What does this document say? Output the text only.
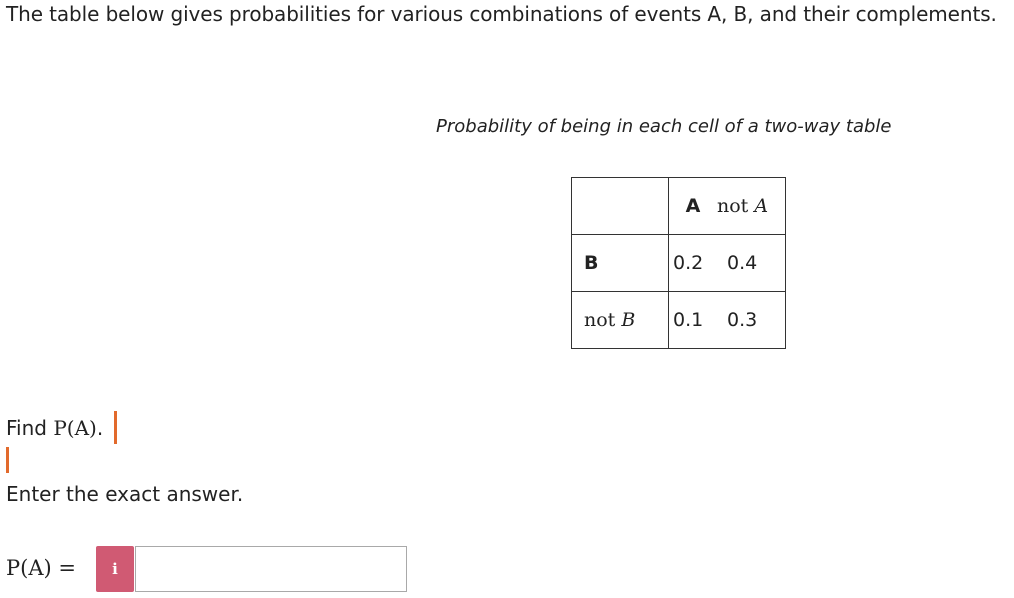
The table below gives probabilities for various combinations of events A, B, and their complements.
Probability of being in each cell of a two-way table
	A	not A
B	0.2	0.4
not B	0.1	0.3
Find P(A).
Enter the exact answer.
P(A) = i
